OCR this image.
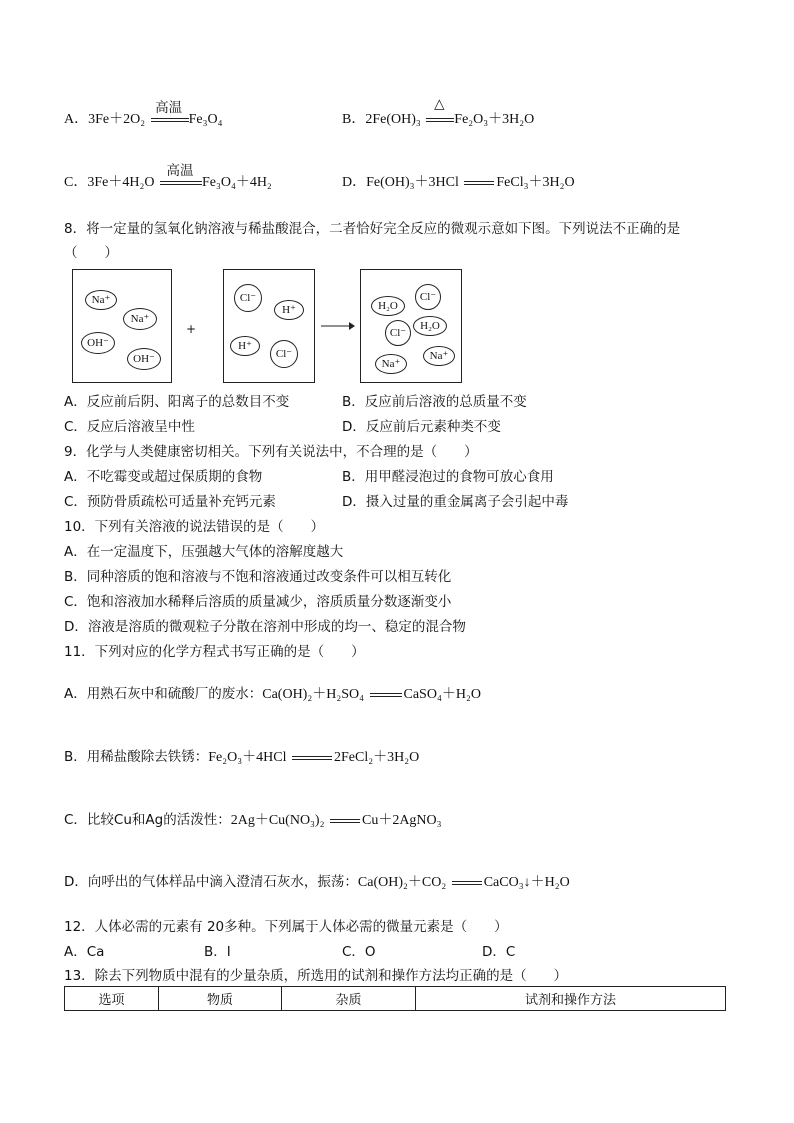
A．3Fe＋2O₂
高温
Fe₃O₄	B．2Fe(OH)₃
△
Fe₂O₃＋3H₂O
C．3Fe＋4H₂O
高温
Fe₃O₄＋4H₂	D．Fe(OH)₃＋3HCl	FeCl₃＋3H₂O
8．将一定量的氢氧化钠溶液与稀盐酸混合，二者恰好完全反应的微观示意如下图。下列说法不正确的是
（　　）
Na⁺
Na⁺
OH⁻
OH⁻
+
Cl⁻
H⁺
H⁺
Cl⁻
H₂O
Cl⁻
Cl⁻
H₂O
Na⁺
Na⁺
A．反应前后阴、阳离子的总数目不变	B．反应前后溶液的总质量不变
C．反应后溶液呈中性	D．反应前后元素种类不变
9．化学与人类健康密切相关。下列有关说法中，不合理的是（　　）
A．不吃霉变或超过保质期的食物	B．用甲醛浸泡过的食物可放心食用
C．预防骨质疏松可适量补充钙元素	D．摄入过量的重金属离子会引起中毒
10．下列有关溶液的说法错误的是（　　）
A．在一定温度下，压强越大气体的溶解度越大
B．同种溶质的饱和溶液与不饱和溶液通过改变条件可以相互转化
C．饱和溶液加水稀释后溶质的质量减少，溶质质量分数逐渐变小
D．溶液是溶质的微观粒子分散在溶剂中形成的均一、稳定的混合物
11．下列对应的化学方程式书写正确的是（　　）
A．用熟石灰中和硫酸厂的废水：Ca(OH)₂＋H₂SO₄	CaSO₄＋H₂O
B．用稀盐酸除去铁锈：Fe₂O₃＋4HCl	2FeCl₂＋3H₂O
C．比较Cu和Ag的活泼性：2Ag＋Cu(NO₃)₂	Cu＋2AgNO₃
D．向呼出的气体样品中滴入澄清石灰水，振荡：Ca(OH)₂＋CO₂	CaCO₃↓＋H₂O
12．人体必需的元素有 20多种。下列属于人体必需的微量元素是（　　）
A．Ca	B．I	C．O	D．C
13．除去下列物质中混有的少量杂质，所选用的试剂和操作方法均正确的是（　　）
选项	物质	杂质	试剂和操作方法
